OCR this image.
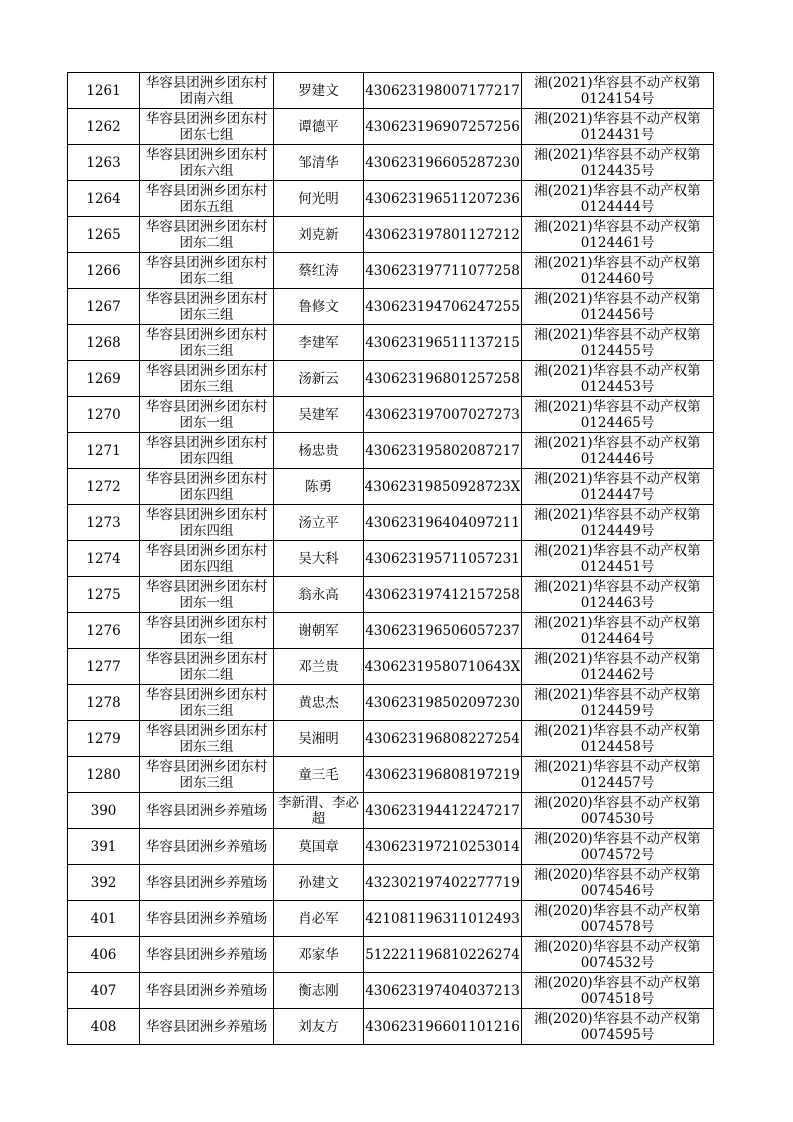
1261	华容县团洲乡团东村团南六组	罗建文	430623198007177217	湘(2021)华容县不动产权第0124154号
1262	华容县团洲乡团东村团东七组	谭德平	430623196907257256	湘(2021)华容县不动产权第0124431号
1263	华容县团洲乡团东村团东六组	邹清华	430623196605287230	湘(2021)华容县不动产权第0124435号
1264	华容县团洲乡团东村团东五组	何光明	430623196511207236	湘(2021)华容县不动产权第0124444号
1265	华容县团洲乡团东村团东二组	刘克新	430623197801127212	湘(2021)华容县不动产权第0124461号
1266	华容县团洲乡团东村团东二组	蔡红涛	430623197711077258	湘(2021)华容县不动产权第0124460号
1267	华容县团洲乡团东村团东三组	鲁修文	430623194706247255	湘(2021)华容县不动产权第0124456号
1268	华容县团洲乡团东村团东三组	李建军	430623196511137215	湘(2021)华容县不动产权第0124455号
1269	华容县团洲乡团东村团东三组	汤新云	430623196801257258	湘(2021)华容县不动产权第0124453号
1270	华容县团洲乡团东村团东一组	吴建军	430623197007027273	湘(2021)华容县不动产权第0124465号
1271	华容县团洲乡团东村团东四组	杨忠贵	430623195802087217	湘(2021)华容县不动产权第0124446号
1272	华容县团洲乡团东村团东四组	陈勇	43062319850928723X	湘(2021)华容县不动产权第0124447号
1273	华容县团洲乡团东村团东四组	汤立平	430623196404097211	湘(2021)华容县不动产权第0124449号
1274	华容县团洲乡团东村团东四组	吴大科	430623195711057231	湘(2021)华容县不动产权第0124451号
1275	华容县团洲乡团东村团东一组	翁永高	430623197412157258	湘(2021)华容县不动产权第0124463号
1276	华容县团洲乡团东村团东一组	谢朝军	430623196506057237	湘(2021)华容县不动产权第0124464号
1277	华容县团洲乡团东村团东二组	邓兰贵	43062319580710643X	湘(2021)华容县不动产权第0124462号
1278	华容县团洲乡团东村团东三组	黄忠杰	430623198502097230	湘(2021)华容县不动产权第0124459号
1279	华容县团洲乡团东村团东三组	吴湘明	430623196808227254	湘(2021)华容县不动产权第0124458号
1280	华容县团洲乡团东村团东三组	童三毛	430623196808197219	湘(2021)华容县不动产权第0124457号
390	华容县团洲乡养殖场	李新渭、李必超	430623194412247217	湘(2020)华容县不动产权第0074530号
391	华容县团洲乡养殖场	莫国章	430623197210253014	湘(2020)华容县不动产权第0074572号
392	华容县团洲乡养殖场	孙建文	432302197402277719	湘(2020)华容县不动产权第0074546号
401	华容县团洲乡养殖场	肖必军	421081196311012493	湘(2020)华容县不动产权第0074578号
406	华容县团洲乡养殖场	邓家华	512221196810226274	湘(2020)华容县不动产权第0074532号
407	华容县团洲乡养殖场	衡志刚	430623197404037213	湘(2020)华容县不动产权第0074518号
408	华容县团洲乡养殖场	刘友方	430623196601101216	湘(2020)华容县不动产权第0074595号
